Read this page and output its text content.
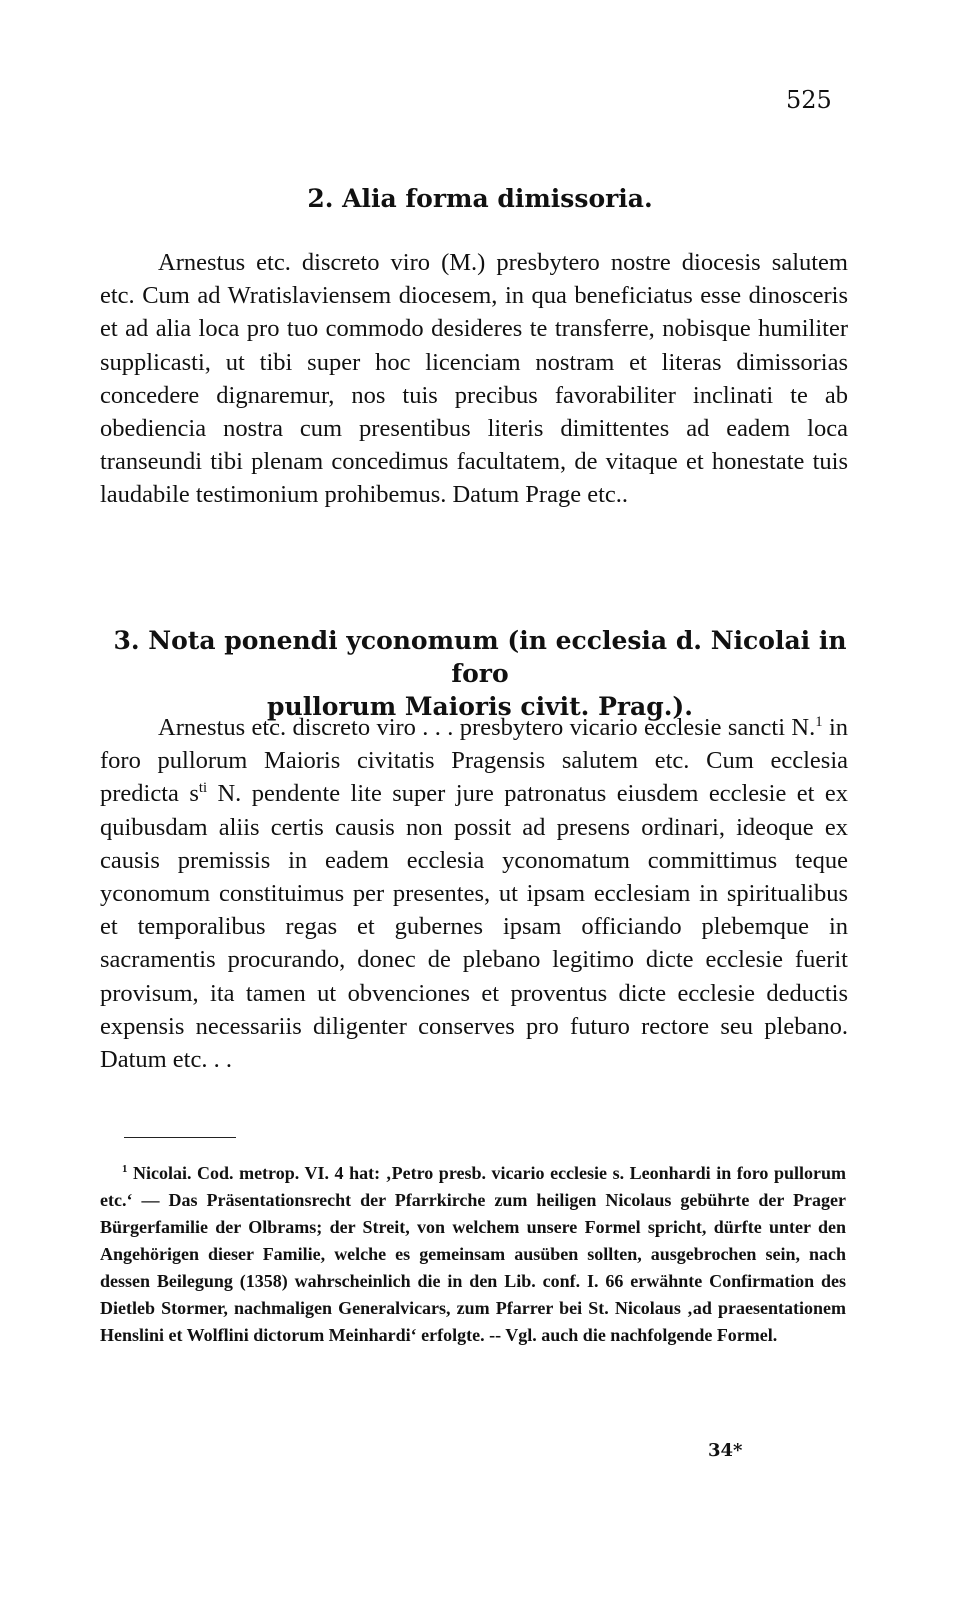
525
2. Alia forma dimissoria.
Arnestus etc. discreto viro (M.) presbytero nostre diocesis salutem etc. Cum ad Wratislaviensem diocesem, in qua beneficiatus esse dinosceris et ad alia loca pro tuo commodo desideres te transferre, nobisque humiliter supplicasti, ut tibi super hoc licenciam nostram et literas dimissorias concedere dignaremur, nos tuis precibus favorabiliter inclinati te ab obediencia nostra cum presentibus literis dimittentes ad eadem loca transeundi tibi plenam concedimus facultatem, de vitaque et honestate tuis laudabile testimonium prohibemus. Datum Prage etc..
3. Nota ponendi yconomum (in ecclesia d. Nicolai in foro
pullorum Maioris civit. Prag.).
Arnestus etc. discreto viro . . . presbytero vicario ecclesie sancti N.$^1$ in foro pullorum Maioris civitatis Pragensis salutem etc. Cum ecclesia predicta $s^{ti}$ N. pendente lite super jure patronatus eiusdem ecclesie et ex quibusdam aliis certis causis non possit ad presens ordinari, ideoque ex causis premissis in eadem ecclesia yconomatum committimus teque yconomum constituimus per presentes, ut ipsam ecclesiam in spiritualibus et temporalibus regas et gubernes ipsam officiando plebemque in sacramentis procurando, donec de plebano legitimo dicte ecclesie fuerit provisum, ita tamen ut obvenciones et proventus dicte ecclesie deductis expensis necessariis diligenter conserves pro futuro rectore seu plebano. Datum etc. . .
$^1$ Nicolai. Cod. metrop. VI. 4 hat: ‚Petro presb. vicario ecclesie s. Leonhardi in foro pullorum etc.‘ — Das Präsentationsrecht der Pfarrkirche zum heiligen Nicolaus gebührte der Prager Bürgerfamilie der Olbrams; der Streit, von welchem unsere Formel spricht, dürfte unter den Angehörigen dieser Familie, welche es gemeinsam ausüben sollten, ausgebrochen sein, nach dessen Beilegung (1358) wahrscheinlich die in den Lib. conf. I. 66 erwähnte Confirmation des Dietleb Stormer, nachmaligen Generalvicars, zum Pfarrer bei St. Nicolaus ‚ad praesentationem Henslini et Wolflini dictorum Meinhardi‘ erfolgte. -- Vgl. auch die nachfolgende Formel.
34*
